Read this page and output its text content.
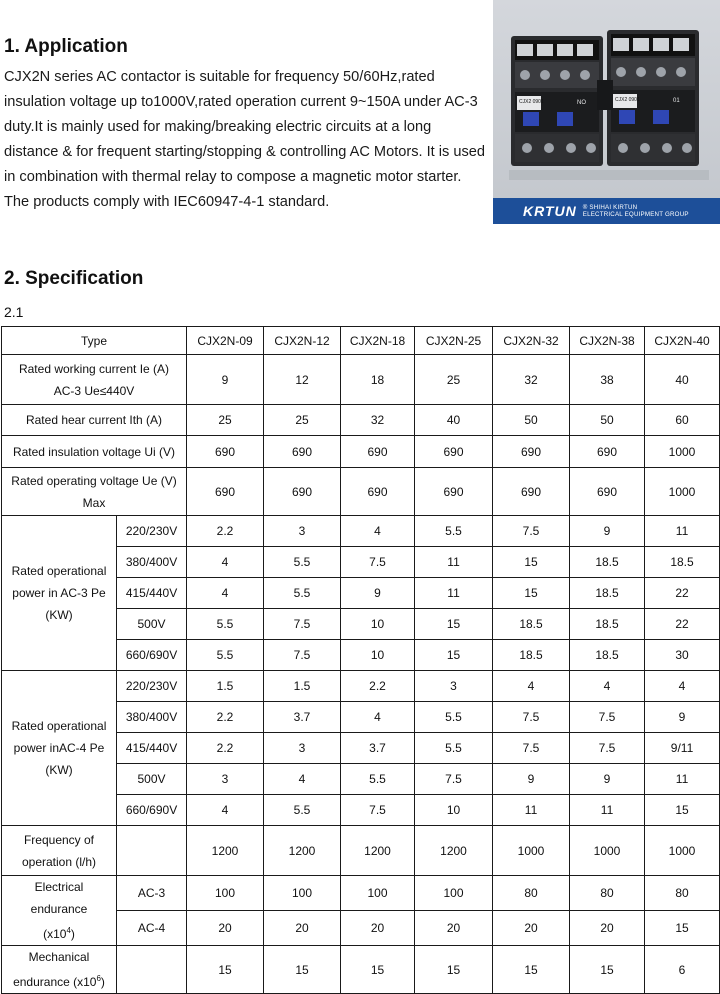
1. Application

CJX2N series AC contactor is suitable for frequency 50/60Hz,rated insulation voltage up to1000V,rated operation current 9~150A under AC-3 duty.It is mainly used for making/breaking electric circuits at a long distance & for frequent starting/stopping & controlling AC Motors. It is used in combination with thermal relay to compose a magnetic motor starter. The products comply with IEC60947-4-1 standard.

CJX2 0901	NO	CJX2 0901	01
KRTUN ® SHIHAI KIRTUN
ELECTRICAL EQUIPMENT GROUP
2. Specification

2.1

Type		CJX2N-09	CJX2N-12	CJX2N-18	CJX2N-25	CJX2N-32	CJX2N-38	CJX2N-40
Rated working current Ie (A)
AC-3 Ue≤440V		9	12	18	25	32	38	40
Rated hear current Ith (A)		25	25	32	40	50	50	60
Rated insulation voltage Ui (V)		690	690	690	690	690	690	1000
Rated operating voltage Ue (V)
Max		690	690	690	690	690	690	1000
Rated operational
power in AC-3 Pe
(KW)	220/230V	2.2	3	4	5.5	7.5	9	11
	380/400V	4	5.5	7.5	11	15	18.5	18.5
	415/440V	4	5.5	9	11	15	18.5	22
	500V	5.5	7.5	10	15	18.5	18.5	22
	660/690V	5.5	7.5	10	15	18.5	18.5	30
Rated operational
power inAC-4 Pe
(KW)	220/230V	1.5	1.5	2.2	3	4	4	4
	380/400V	2.2	3.7	4	5.5	7.5	7.5	9
	415/440V	2.2	3	3.7	5.5	7.5	7.5	9/11
	500V	3	4	5.5	7.5	9	9	11
	660/690V	4	5.5	7.5	10	11	11	15
Frequency of
operation (l/h)		1200	1200	1200	1200	1000	1000	1000
Electrical endurance
$(x10^4)$	AC-3	100	100	100	100	80	80	80
	AC-4	20	20	20	20	20	20	15
Mechanical
endurance $(x10^6)$		15	15	15	15	15	15	6
